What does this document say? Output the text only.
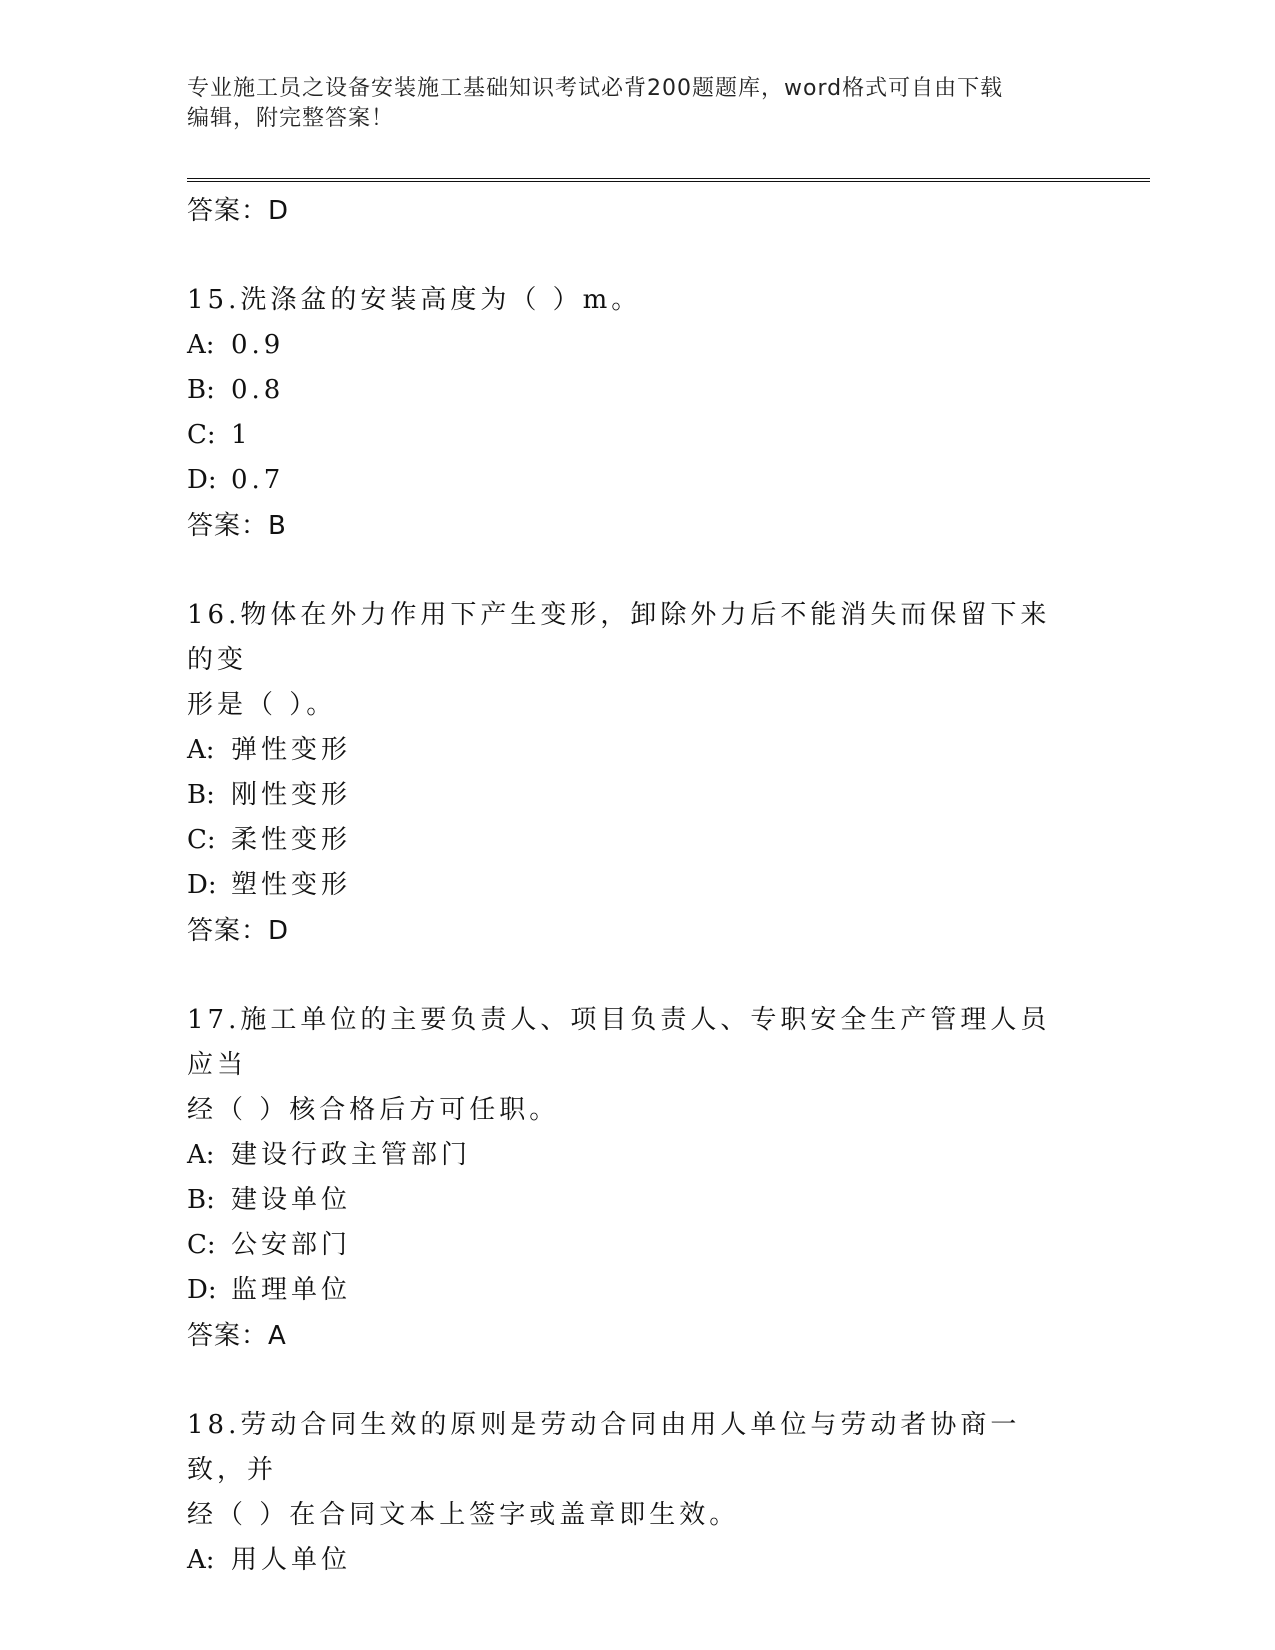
专业施工员之设备安装施工基础知识考试必背200题题库，word格式可自由下载
编辑，附完整答案！
答案：D
15.洗涤盆的安装高度为（ ）m。
A: 0.9
B: 0.8
C: 1
D: 0.7
答案：B
16.物体在外力作用下产生变形，卸除外力后不能消失而保留下来的变
形是（ ）。
A: 弹性变形
B: 刚性变形
C: 柔性变形
D: 塑性变形
答案：D
17.施工单位的主要负责人、项目负责人、专职安全生产管理人员应当
经（ ）核合格后方可任职。
A: 建设行政主管部门
B: 建设单位
C: 公安部门
D: 监理单位
答案：A
18.劳动合同生效的原则是劳动合同由用人单位与劳动者协商一致，并
经（ ）在合同文本上签字或盖章即生效。
A: 用人单位
